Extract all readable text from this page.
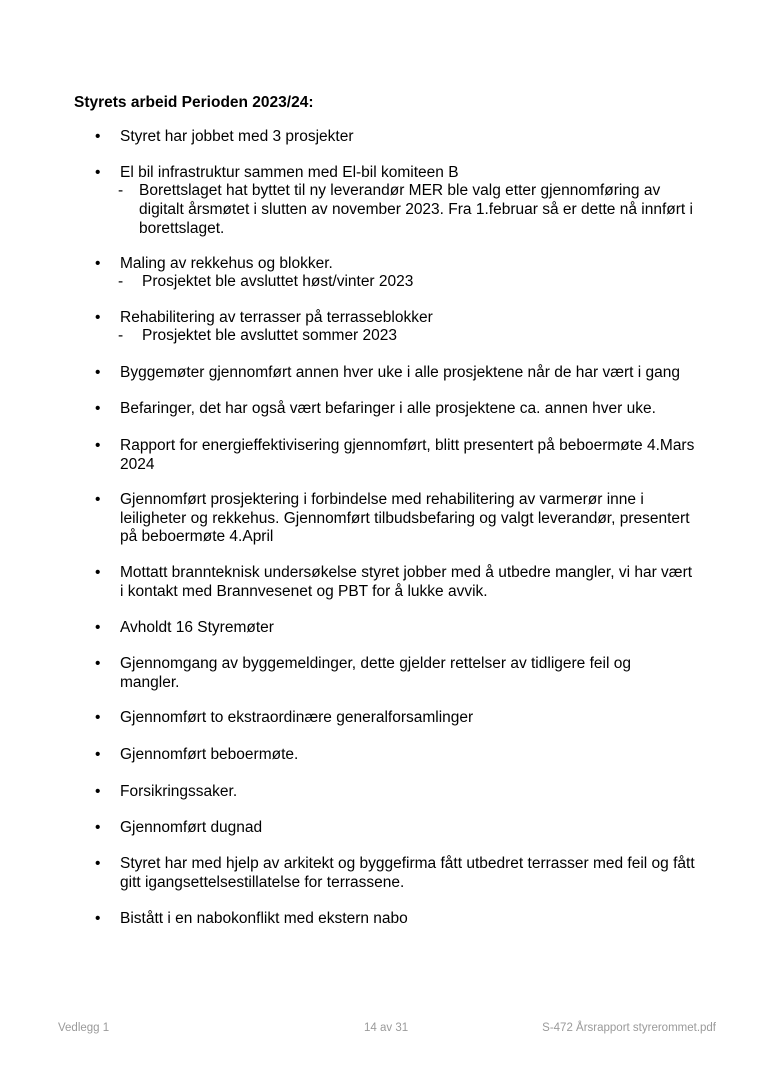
Styrets arbeid Perioden 2023/24:
• Styret har jobbet med 3 prosjekter
• El bil infrastruktur sammen med El-bil komiteen B
- Borettslaget hat byttet til ny leverandør MER ble valg etter gjennomføring av
digitalt årsmøtet i slutten av november 2023. Fra 1.februar så er dette nå innført i
borettslaget.
• Maling av rekkehus og blokker.
- Prosjektet ble avsluttet høst/vinter 2023
• Rehabilitering av terrasser på terrasseblokker
- Prosjektet ble avsluttet sommer 2023
• Byggemøter gjennomført annen hver uke i alle prosjektene når de har vært i gang
• Befaringer, det har også vært befaringer i alle prosjektene ca. annen hver uke.
• Rapport for energieffektivisering gjennomført, blitt presentert på beboermøte 4.Mars
2024
• Gjennomført prosjektering i forbindelse med rehabilitering av varmerør inne i
leiligheter og rekkehus. Gjennomført tilbudsbefaring og valgt leverandør, presentert
på beboermøte 4.April
• Mottatt brannteknisk undersøkelse styret jobber med å utbedre mangler, vi har vært
i kontakt med Brannvesenet og PBT for å lukke avvik.
• Avholdt 16 Styremøter
• Gjennomgang av byggemeldinger, dette gjelder rettelser av tidligere feil og
mangler.
• Gjennomført to ekstraordinære generalforsamlinger
• Gjennomført beboermøte.
• Forsikringssaker.
• Gjennomført dugnad
• Styret har med hjelp av arkitekt og byggefirma fått utbedret terrasser med feil og fått
gitt igangsettelsestillatelse for terrassene.
• Bistått i en nabokonflikt med ekstern nabo
Vedlegg 1	14 av 31	S-472 Årsrapport styrerommet.pdf
